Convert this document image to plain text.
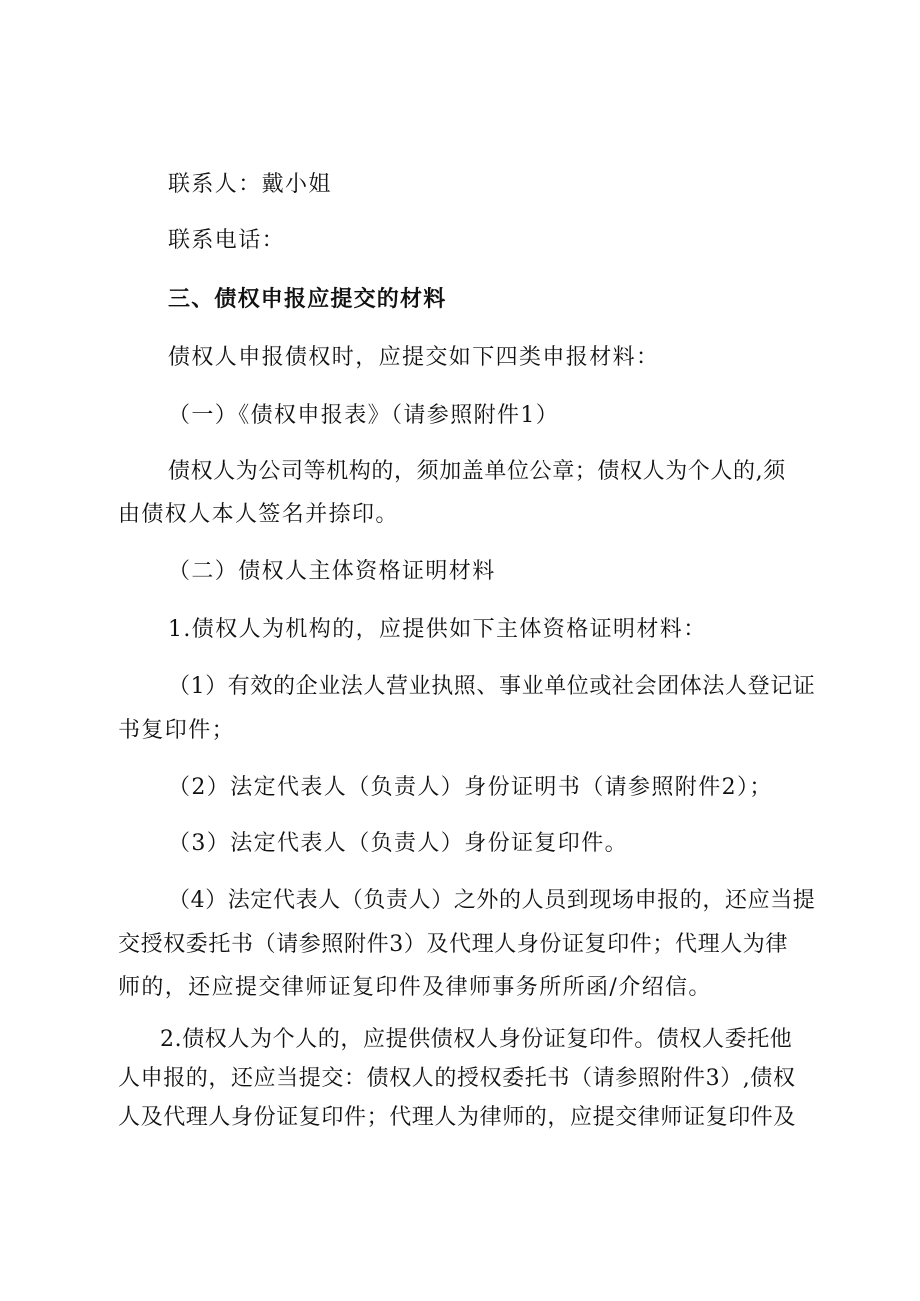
联系人：戴小姐
联系电话：
三、债权申报应提交的材料
债权人申报债权时，应提交如下四类申报材料：
（一）《债权申报表》（请参照附件1）
债权人为公司等机构的，须加盖单位公章；债权人为个人的,须
由债权人本人签名并捺印。
（二）债权人主体资格证明材料
1.债权人为机构的，应提供如下主体资格证明材料：
（1）有效的企业法人营业执照、事业单位或社会团体法人登记证
书复印件；
（2）法定代表人（负责人）身份证明书（请参照附件2）；
（3）法定代表人（负责人）身份证复印件。
（4）法定代表人（负责人）之外的人员到现场申报的，还应当提
交授权委托书（请参照附件3）及代理人身份证复印件；代理人为律
师的，还应提交律师证复印件及律师事务所所函/介绍信。
2.债权人为个人的，应提供债权人身份证复印件。债权人委托他
人申报的，还应当提交：债权人的授权委托书（请参照附件3）,债权
人及代理人身份证复印件；代理人为律师的，应提交律师证复印件及
